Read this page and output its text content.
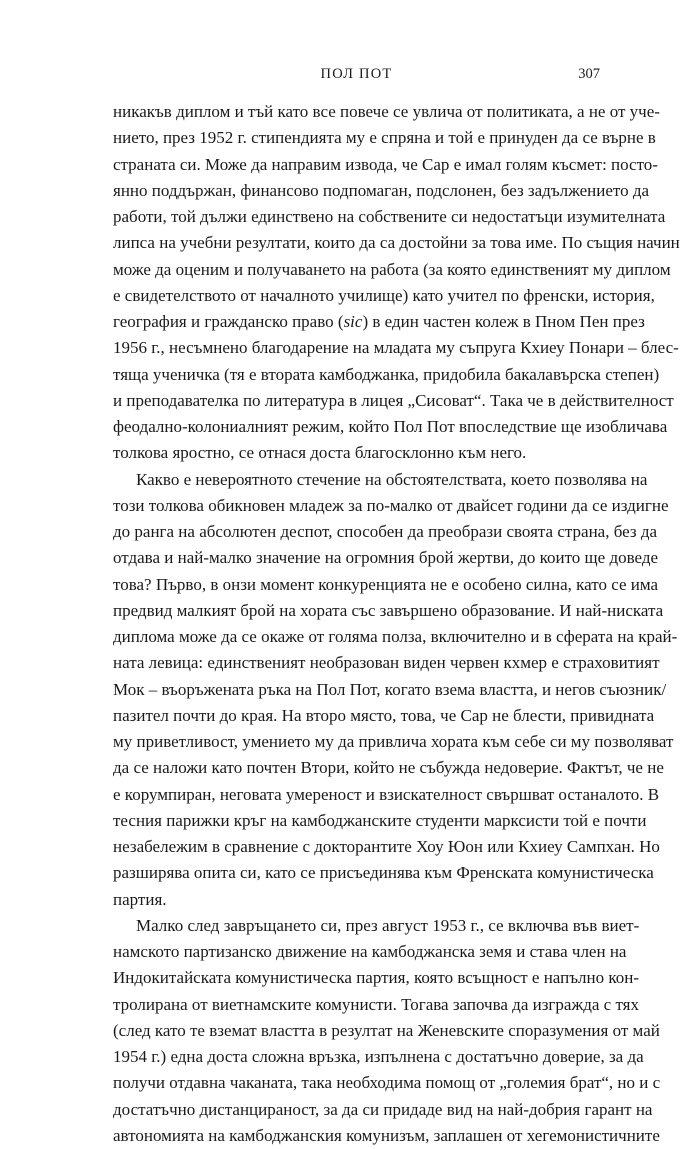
ПОЛ ПОТ	307
никакъв диплом и тъй като все повече се увлича от политиката, а не от уче-
нието, през 1952 г. стипендията му е спряна и той е принуден да се върне в
страната си. Може да направим извода, че Сар е имал голям късмет: посто-
янно поддържан, финансово подпомаган, подслонен, без задължението да
работи, той дължи единствено на собствените си недостатъци изумителната
липса на учебни резултати, които да са достойни за това име. По същия начин
може да оценим и получаването на работа (за която единственият му диплом
е свидетелството от началното училище) като учител по френски, история,
география и гражданско право (sic) в един частен колеж в Пном Пен през
1956 г., несъмнено благодарение на младата му съпруга Кхиеу Понари – блес-
тяща ученичка (тя е втората камбоджанка, придобила бакалавърска степен)
и преподавателка по литература в лицея „Сисоват“. Така че в действителност
феодално-колониалният режим, който Пол Пот впоследствие ще изобличава
толкова яростно, се отнася доста благосклонно към него.
Какво е невероятното стечение на обстоятелствата, което позволява на
този толкова обикновен младеж за по-малко от двайсет години да се издигне
до ранга на абсолютен деспот, способен да преобрази своята страна, без да
отдава и най-малко значение на огромния брой жертви, до които ще доведе
това? Първо, в онзи момент конкуренцията не е особено силна, като се има
предвид малкият брой на хората със завършено образование. И най-ниската
диплома може да се окаже от голяма полза, включително и в сферата на край-
ната левица: единственият необразован виден червен кхмер е страховитият
Мок – въоръжената ръка на Пол Пот, когато взема властта, и негов съюзник/
пазител почти до края. На второ място, това, че Сар не блести, привидната
му приветливост, умението му да привлича хората към себе си му позволяват
да се наложи като почтен Втори, който не събужда недоверие. Фактът, че не
е корумпиран, неговата умереност и взискателност свършват останалото. В
тесния парижки кръг на камбоджанските студенти марксисти той е почти
незабележим в сравнение с докторантите Хоу Юон или Кхиеу Сампхан. Но
разширява опита си, като се присъединява към Френската комунистическа
партия.
Малко след завръщането си, през август 1953 г., се включва във виет-
намското партизанско движение на камбоджанска земя и става член на
Индокитайската комунистическа партия, която всъщност е напълно кон-
тролирана от виетнамските комунисти. Тогава започва да изгражда с тях
(след като те вземат властта в резултат на Женевските споразумения от май
1954 г.) една доста сложна връзка, изпълнена с достатъчно доверие, за да
получи отдавна чаканата, така необходима помощ от „големия брат“, но и с
достатъчно дистанцираност, за да си придаде вид на най-добрия гарант на
автономията на камбоджанския комунизъм, заплашен от хегемонистичните
